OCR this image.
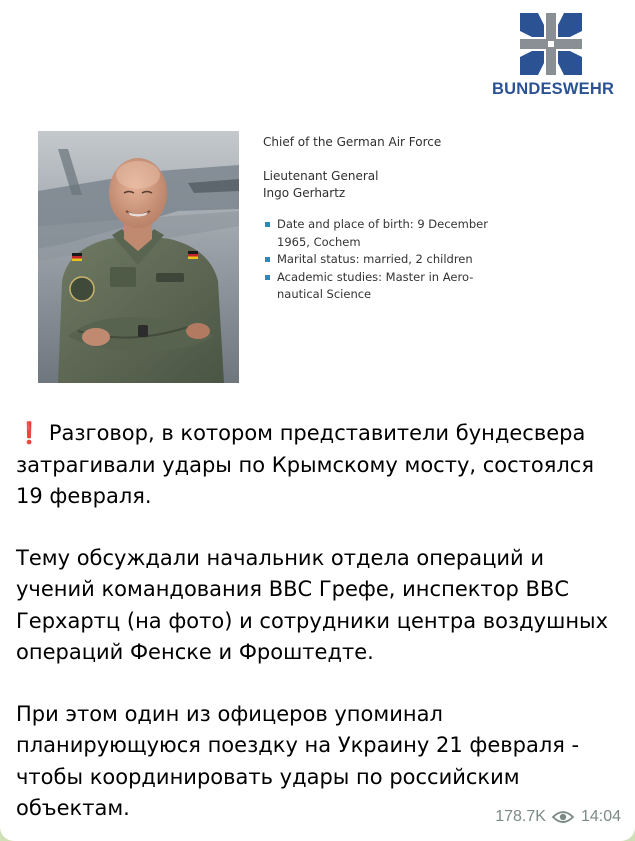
BUNDESWEHR
Chief of the German Air Force
Lieutenant General
Ingo Gerhartz
Date and place of birth: 9 December
1965, Cochem
Marital status: married, 2 children
Academic studies: Master in Aero-
nautical Science

❗ Разговор, в котором представители бундесвера затрагивали удары по Крымскому мосту, состоялся 19 февраля.

Тему обсуждали начальник отдела операций и учений командования ВВС Грефе, инспектор ВВС Герхартц (на фото) и сотрудники центра воздушных операций Фенске и Фроштедте.

При этом один из офицеров упоминал планирующуюся поездку на Украину 21 февраля - чтобы координировать удары по российским объектам.	178.7K 14:04
